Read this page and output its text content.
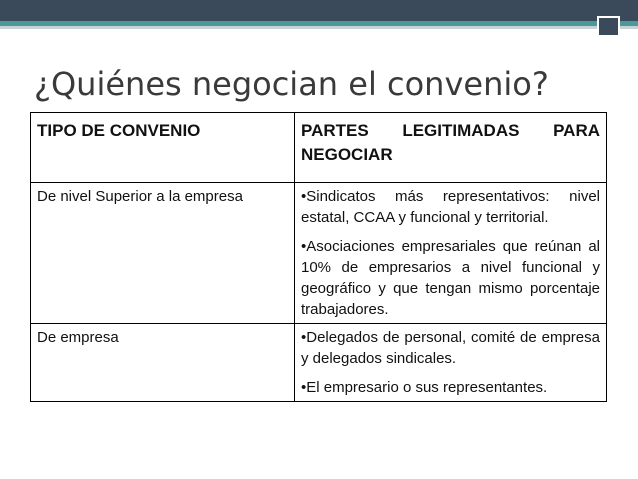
¿Quiénes negocian el convenio?
TIPO DE CONVENIO	PARTES LEGITIMADAS PARA NEGOCIAR
De nivel Superior a la empresa	•Sindicatos más representativos: nivel estatal, CCAA y funcional y territorial.

•Asociaciones empresariales que reúnan al 10% de empresarios a nivel funcional y geográfico y que tengan mismo porcentaje trabajadores.

De empresa	•Delegados de personal, comité de empresa y delegados sindicales.

•El empresario o sus representantes.
